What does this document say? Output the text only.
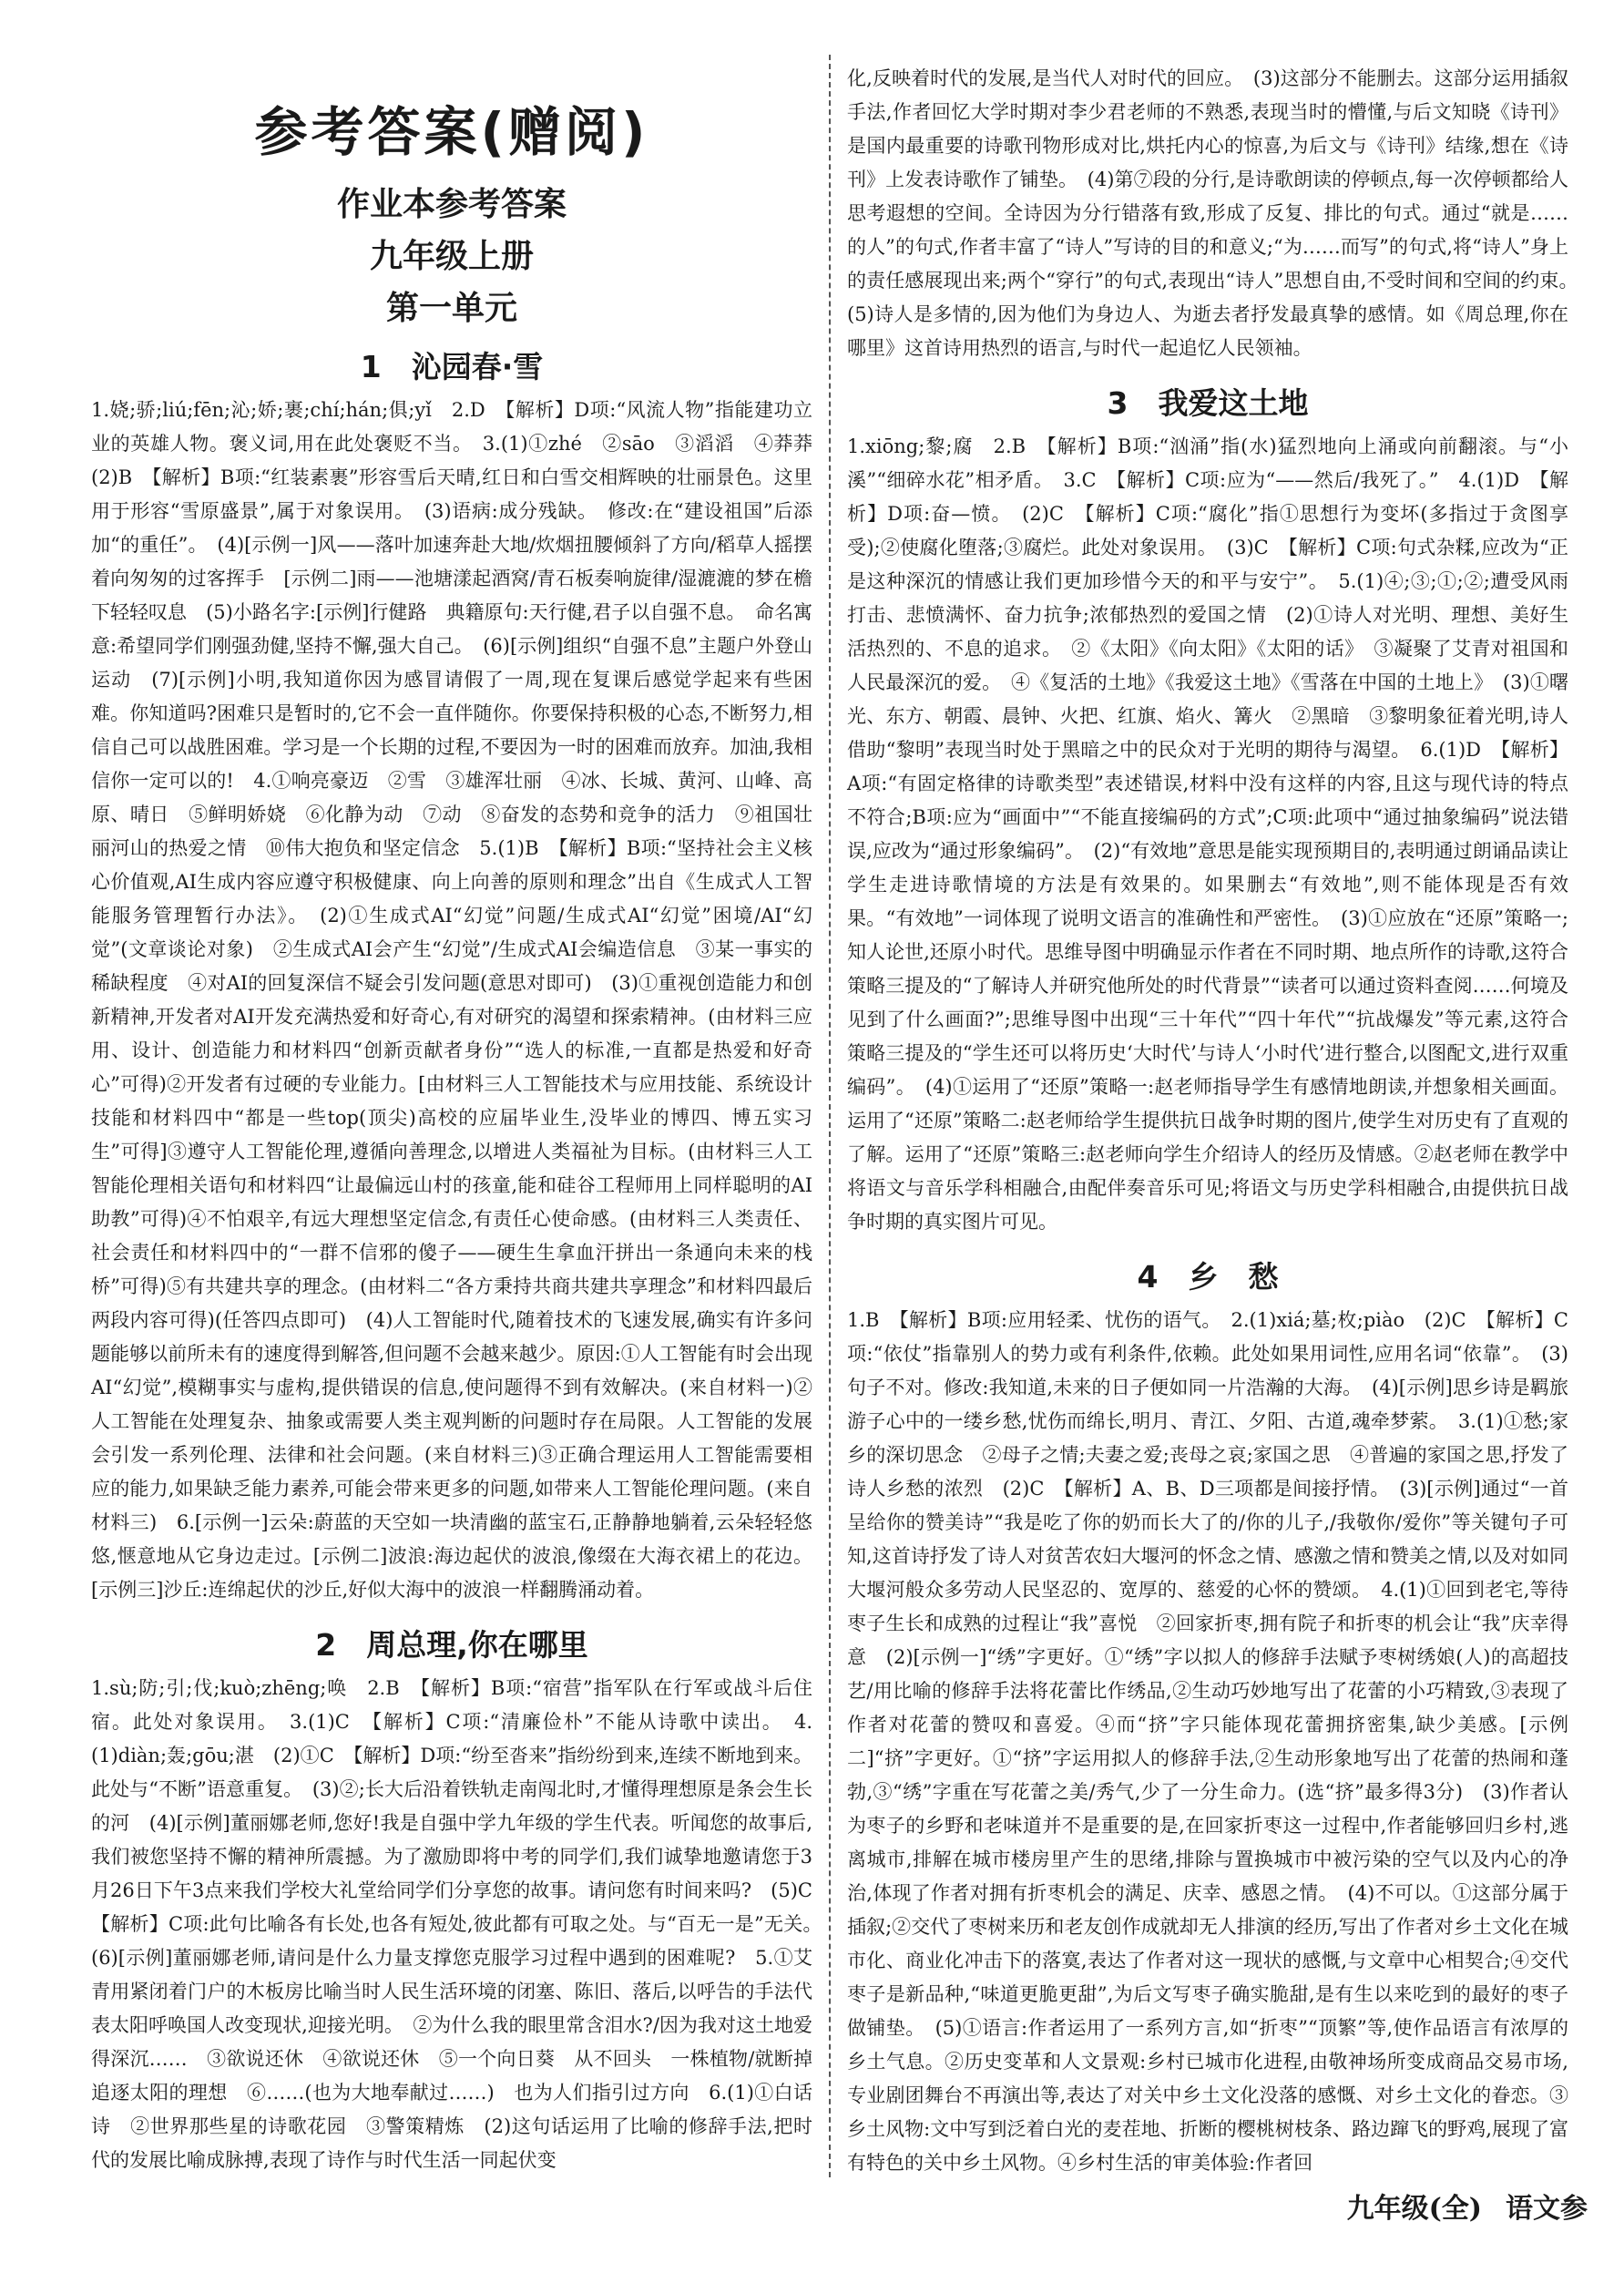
参考答案(赠阅)
作业本参考答案
九年级上册
第一单元
1　沁园春·雪

1.娆;骄;liú;fēn;沁;娇;裹;chí;hán;俱;yǐ　2.D　【解析】D项:“风流人物”指能建功立业的英雄人物。褒义词,用在此处褒贬不当。　3.(1)①zhé　②sāo　③滔滔　④莽莽　(2)B　【解析】B项:“红装素裹”形容雪后天晴,红日和白雪交相辉映的壮丽景色。这里用于形容“雪原盛景”,属于对象误用。　(3)语病:成分残缺。　修改:在“建设祖国”后添加“的重任”。　(4)[示例一]风——落叶加速奔赴大地/炊烟扭腰倾斜了方向/稻草人摇摆着向匆匆的过客挥手　[示例二]雨——池塘漾起酒窝/青石板奏响旋律/湿漉漉的梦在檐下轻轻叹息　(5)小路名字:[示例]行健路　典籍原句:天行健,君子以自强不息。　命名寓意:希望同学们刚强劲健,坚持不懈,强大自己。　(6)[示例]组织“自强不息”主题户外登山运动　(7)[示例]小明,我知道你因为感冒请假了一周,现在复课后感觉学起来有些困难。你知道吗?困难只是暂时的,它不会一直伴随你。你要保持积极的心态,不断努力,相信自己可以战胜困难。学习是一个长期的过程,不要因为一时的困难而放弃。加油,我相信你一定可以的!　4.①响亮豪迈　②雪　③雄浑壮丽　④冰、长城、黄河、山峰、高原、晴日　⑤鲜明娇娆　⑥化静为动　⑦动　⑧奋发的态势和竞争的活力　⑨祖国壮丽河山的热爱之情　⑩伟大抱负和坚定信念　5.(1)B　【解析】B项:“坚持社会主义核心价值观,AI生成内容应遵守积极健康、向上向善的原则和理念”出自《生成式人工智能服务管理暂行办法》。　(2)①生成式AI“幻觉”问题/生成式AI“幻觉”困境/AI“幻觉”(文章谈论对象)　②生成式AI会产生“幻觉”/生成式AI会编造信息　③某一事实的稀缺程度　④对AI的回复深信不疑会引发问题(意思对即可)　(3)①重视创造能力和创新精神,开发者对AI开发充满热爱和好奇心,有对研究的渴望和探索精神。(由材料三应用、设计、创造能力和材料四“创新贡献者身份”“选人的标准,一直都是热爱和好奇心”可得)②开发者有过硬的专业能力。[由材料三人工智能技术与应用技能、系统设计技能和材料四中“都是一些top(顶尖)高校的应届毕业生,没毕业的博四、博五实习生”可得]③遵守人工智能伦理,遵循向善理念,以增进人类福祉为目标。(由材料三人工智能伦理相关语句和材料四“让最偏远山村的孩童,能和硅谷工程师用上同样聪明的AI助教”可得)④不怕艰辛,有远大理想坚定信念,有责任心使命感。(由材料三人类责任、社会责任和材料四中的“一群不信邪的傻子——硬生生拿血汗拼出一条通向未来的栈桥”可得)⑤有共建共享的理念。(由材料二“各方秉持共商共建共享理念”和材料四最后两段内容可得)(任答四点即可)　(4)人工智能时代,随着技术的飞速发展,确实有许多问题能够以前所未有的速度得到解答,但问题不会越来越少。原因:①人工智能有时会出现AI“幻觉”,模糊事实与虚构,提供错误的信息,使问题得不到有效解决。(来自材料一)②人工智能在处理复杂、抽象或需要人类主观判断的问题时存在局限。人工智能的发展会引发一系列伦理、法律和社会问题。(来自材料三)③正确合理运用人工智能需要相应的能力,如果缺乏能力素养,可能会带来更多的问题,如带来人工智能伦理问题。(来自材料三)　6.[示例一]云朵:蔚蓝的天空如一块清幽的蓝宝石,正静静地躺着,云朵轻轻悠悠,惬意地从它身边走过。[示例二]波浪:海边起伏的波浪,像缀在大海衣裙上的花边。[示例三]沙丘:连绵起伏的沙丘,好似大海中的波浪一样翻腾涌动着。

2　周总理,你在哪里

1.sù;防;引;伐;kuò;zhēng;唤　2.B　【解析】B项:“宿营”指军队在行军或战斗后住宿。此处对象误用。　3.(1)C　【解析】C项:“清廉俭朴”不能从诗歌中读出。　4.(1)diàn;轰;gōu;湛　(2)①C　【解析】D项:“纷至沓来”指纷纷到来,连续不断地到来。此处与“不断”语意重复。　(3)②;长大后沿着铁轨走南闯北时,才懂得理想原是条会生长的河　(4)[示例]董丽娜老师,您好!我是自强中学九年级的学生代表。听闻您的故事后,我们被您坚持不懈的精神所震撼。为了激励即将中考的同学们,我们诚挚地邀请您于3月26日下午3点来我们学校大礼堂给同学们分享您的故事。请问您有时间来吗?　(5)C　【解析】C项:此句比喻各有长处,也各有短处,彼此都有可取之处。与“百无一是”无关。　(6)[示例]董丽娜老师,请问是什么力量支撑您克服学习过程中遇到的困难呢?　5.①艾青用紧闭着门户的木板房比喻当时人民生活环境的闭塞、陈旧、落后,以呼告的手法代表太阳呼唤国人改变现状,迎接光明。　②为什么我的眼里常含泪水?/因为我对这土地爱得深沉……　③欲说还休　④欲说还休　⑤一个向日葵　从不回头　一株植物/就断掉追逐太阳的理想　⑥……(也为大地奉献过……)　也为人们指引过方向　6.(1)①白话诗　②世界那些星的诗歌花园　③警策精炼　(2)这句话运用了比喻的修辞手法,把时代的发展比喻成脉搏,表现了诗作与时代生活一同起伏变

化,反映着时代的发展,是当代人对时代的回应。　(3)这部分不能删去。这部分运用插叙手法,作者回忆大学时期对李少君老师的不熟悉,表现当时的懵懂,与后文知晓《诗刊》是国内最重要的诗歌刊物形成对比,烘托内心的惊喜,为后文与《诗刊》结缘,想在《诗刊》上发表诗歌作了铺垫。　(4)第⑦段的分行,是诗歌朗读的停顿点,每一次停顿都给人思考遐想的空间。全诗因为分行错落有致,形成了反复、排比的句式。通过“就是……的人”的句式,作者丰富了“诗人”写诗的目的和意义;“为……而写”的句式,将“诗人”身上的责任感展现出来;两个“穿行”的句式,表现出“诗人”思想自由,不受时间和空间的约束。　(5)诗人是多情的,因为他们为身边人、为逝去者抒发最真挚的感情。如《周总理,你在哪里》这首诗用热烈的语言,与时代一起追忆人民领袖。

3　我爱这土地

1.xiōng;黎;腐　2.B　【解析】B项:“汹涌”指(水)猛烈地向上涌或向前翻滚。与“小溪”“细碎水花”相矛盾。　3.C　【解析】C项:应为“——然后/我死了。”　4.(1)D　【解析】D项:奋—愤。　(2)C　【解析】C项:“腐化”指①思想行为变坏(多指过于贪图享受);②使腐化堕落;③腐烂。此处对象误用。　(3)C　【解析】C项:句式杂糅,应改为“正是这种深沉的情感让我们更加珍惜今天的和平与安宁”。　5.(1)④;③;①;②;遭受风雨打击、悲愤满怀、奋力抗争;浓郁热烈的爱国之情　(2)①诗人对光明、理想、美好生活热烈的、不息的追求。　②《太阳》《向太阳》《太阳的话》　③凝聚了艾青对祖国和人民最深沉的爱。　④《复活的土地》《我爱这土地》《雪落在中国的土地上》　(3)①曙光、东方、朝霞、晨钟、火把、红旗、焰火、篝火　②黑暗　③黎明象征着光明,诗人借助“黎明”表现当时处于黑暗之中的民众对于光明的期待与渴望。　6.(1)D　【解析】A项:“有固定格律的诗歌类型”表述错误,材料中没有这样的内容,且这与现代诗的特点不符合;B项:应为“画面中”“不能直接编码的方式”;C项:此项中“通过抽象编码”说法错误,应改为“通过形象编码”。　(2)“有效地”意思是能实现预期目的,表明通过朗诵品读让学生走进诗歌情境的方法是有效果的。如果删去“有效地”,则不能体现是否有效果。“有效地”一词体现了说明文语言的准确性和严密性。　(3)①应放在“还原”策略一;知人论世,还原小时代。思维导图中明确显示作者在不同时期、地点所作的诗歌,这符合策略三提及的“了解诗人并研究他所处的时代背景”“读者可以通过资料查阅……何境及见到了什么画面?”;思维导图中出现“三十年代”“四十年代”“抗战爆发”等元素,这符合策略三提及的“学生还可以将历史‘大时代’与诗人‘小时代’进行整合,以图配文,进行双重编码”。　(4)①运用了“还原”策略一:赵老师指导学生有感情地朗读,并想象相关画面。运用了“还原”策略二:赵老师给学生提供抗日战争时期的图片,使学生对历史有了直观的了解。运用了“还原”策略三:赵老师向学生介绍诗人的经历及情感。②赵老师在教学中将语文与音乐学科相融合,由配伴奏音乐可见;将语文与历史学科相融合,由提供抗日战争时期的真实图片可见。

4　乡　愁

1.B　【解析】B项:应用轻柔、忧伤的语气。　2.(1)xiá;墓;枚;piào　(2)C　【解析】C项:“依仗”指靠别人的势力或有利条件,依赖。此处如果用词性,应用名词“依靠”。　(3)句子不对。修改:我知道,未来的日子便如同一片浩瀚的大海。　(4)[示例]思乡诗是羁旅游子心中的一缕乡愁,忧伤而绵长,明月、青江、夕阳、古道,魂牵梦萦。　3.(1)①愁;家乡的深切思念　②母子之情;夫妻之爱;丧母之哀;家国之思　④普遍的家国之思,抒发了诗人乡愁的浓烈　(2)C　【解析】A、B、D三项都是间接抒情。　(3)[示例]通过“一首呈给你的赞美诗”“我是吃了你的奶而长大了的/你的儿子,/我敬你/爱你”等关键句子可知,这首诗抒发了诗人对贫苦农妇大堰河的怀念之情、感激之情和赞美之情,以及对如同大堰河般众多劳动人民坚忍的、宽厚的、慈爱的心怀的赞颂。　4.(1)①回到老宅,等待枣子生长和成熟的过程让“我”喜悦　②回家折枣,拥有院子和折枣的机会让“我”庆幸得意　(2)[示例一]“绣”字更好。①“绣”字以拟人的修辞手法赋予枣树绣娘(人)的高超技艺/用比喻的修辞手法将花蕾比作绣品,②生动巧妙地写出了花蕾的小巧精致,③表现了作者对花蕾的赞叹和喜爱。④而“挤”字只能体现花蕾拥挤密集,缺少美感。[示例二]“挤”字更好。①“挤”字运用拟人的修辞手法,②生动形象地写出了花蕾的热闹和蓬勃,③“绣”字重在写花蕾之美/秀气,少了一分生命力。(选“挤”最多得3分)　(3)作者认为枣子的乡野和老味道并不是重要的是,在回家折枣这一过程中,作者能够回归乡村,逃离城市,排解在城市楼房里产生的思绪,排除与置换城市中被污染的空气以及内心的净治,体现了作者对拥有折枣机会的满足、庆幸、感恩之情。　(4)不可以。①这部分属于插叙;②交代了枣树来历和老友创作成就却无人排演的经历,写出了作者对乡土文化在城市化、商业化冲击下的落寞,表达了作者对这一现状的感慨,与文章中心相契合;④交代枣子是新品种,“味道更脆更甜”,为后文写枣子确实脆甜,是有生以来吃到的最好的枣子做铺垫。　(5)①语言:作者运用了一系列方言,如“折枣”“顶繁”等,使作品语言有浓厚的乡土气息。②历史变革和人文景观:乡村已城市化进程,由敬神场所变成商品交易市场,专业剧团舞台不再演出等,表达了对关中乡土文化没落的感慨、对乡土文化的眷恋。③乡土风物:文中写到泛着白光的麦茬地、折断的樱桃树枝条、路边蹿飞的野鸡,展现了富有特色的关中乡土风物。④乡村生活的审美体验:作者回

九年级(全) 语文参
